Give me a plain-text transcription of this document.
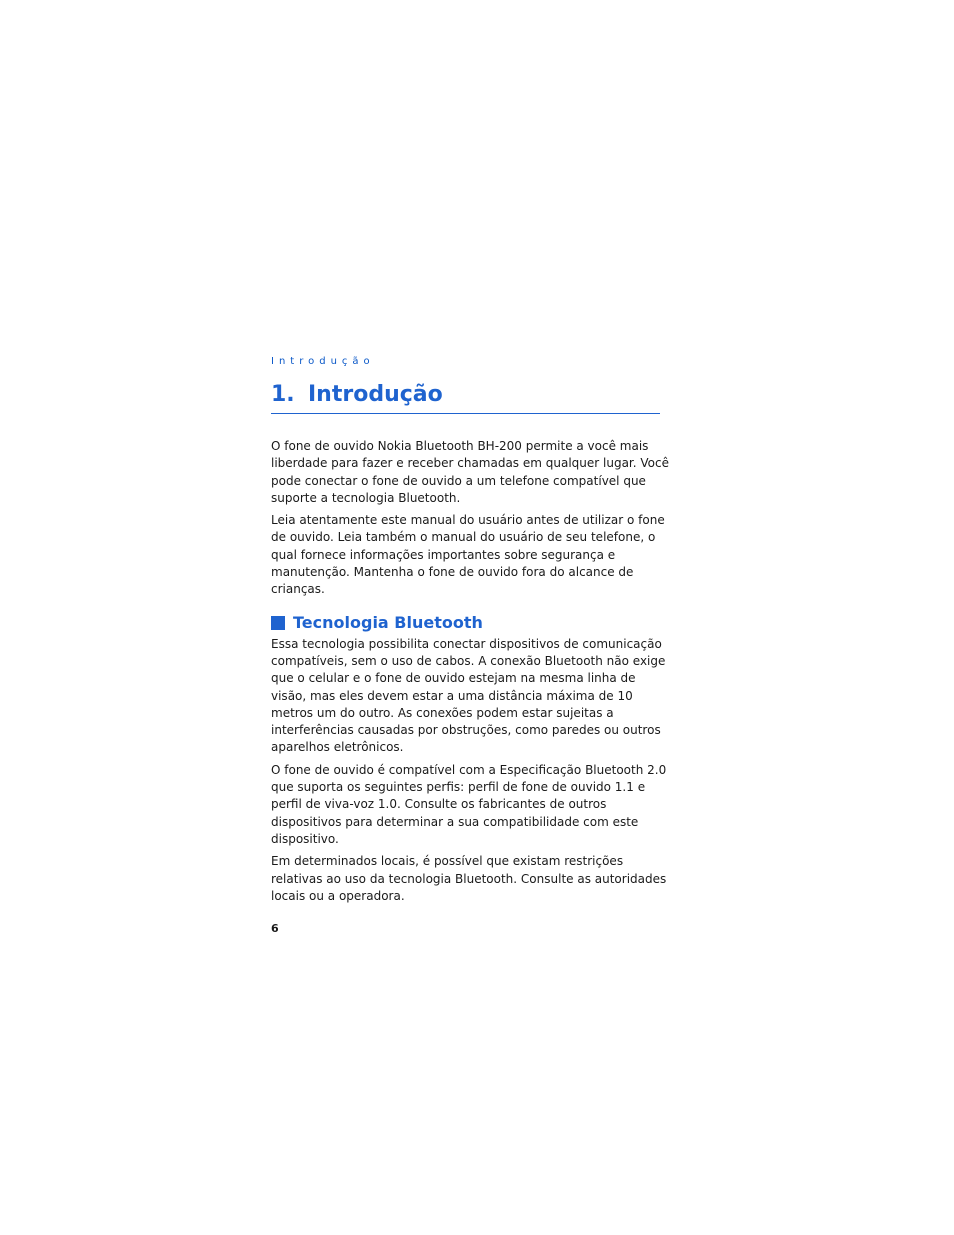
Introdução
1. Introdução

O fone de ouvido Nokia Bluetooth BH-200 permite a você mais liberdade para fazer e receber chamadas em qualquer lugar. Você pode conectar o fone de ouvido a um telefone compatível que suporte a tecnologia Bluetooth.

Leia atentamente este manual do usuário antes de utilizar o fone de ouvido. Leia também o manual do usuário de seu telefone, o qual fornece informações importantes sobre segurança e manutenção. Mantenha o fone de ouvido fora do alcance de crianças.

Tecnologia Bluetooth

Essa tecnologia possibilita conectar dispositivos de comunicação compatíveis, sem o uso de cabos. A conexão Bluetooth não exige que o celular e o fone de ouvido estejam na mesma linha de visão, mas eles devem estar a uma distância máxima de 10 metros um do outro. As conexões podem estar sujeitas a interferências causadas por obstruções, como paredes ou outros aparelhos eletrônicos.

O fone de ouvido é compatível com a Especificação Bluetooth 2.0 que suporta os seguintes perfis: perfil de fone de ouvido 1.1 e perfil de viva-voz 1.0. Consulte os fabricantes de outros dispositivos para determinar a sua compatibilidade com este dispositivo.

Em determinados locais, é possível que existam restrições relativas ao uso da tecnologia Bluetooth. Consulte as autoridades locais ou a operadora.

6
